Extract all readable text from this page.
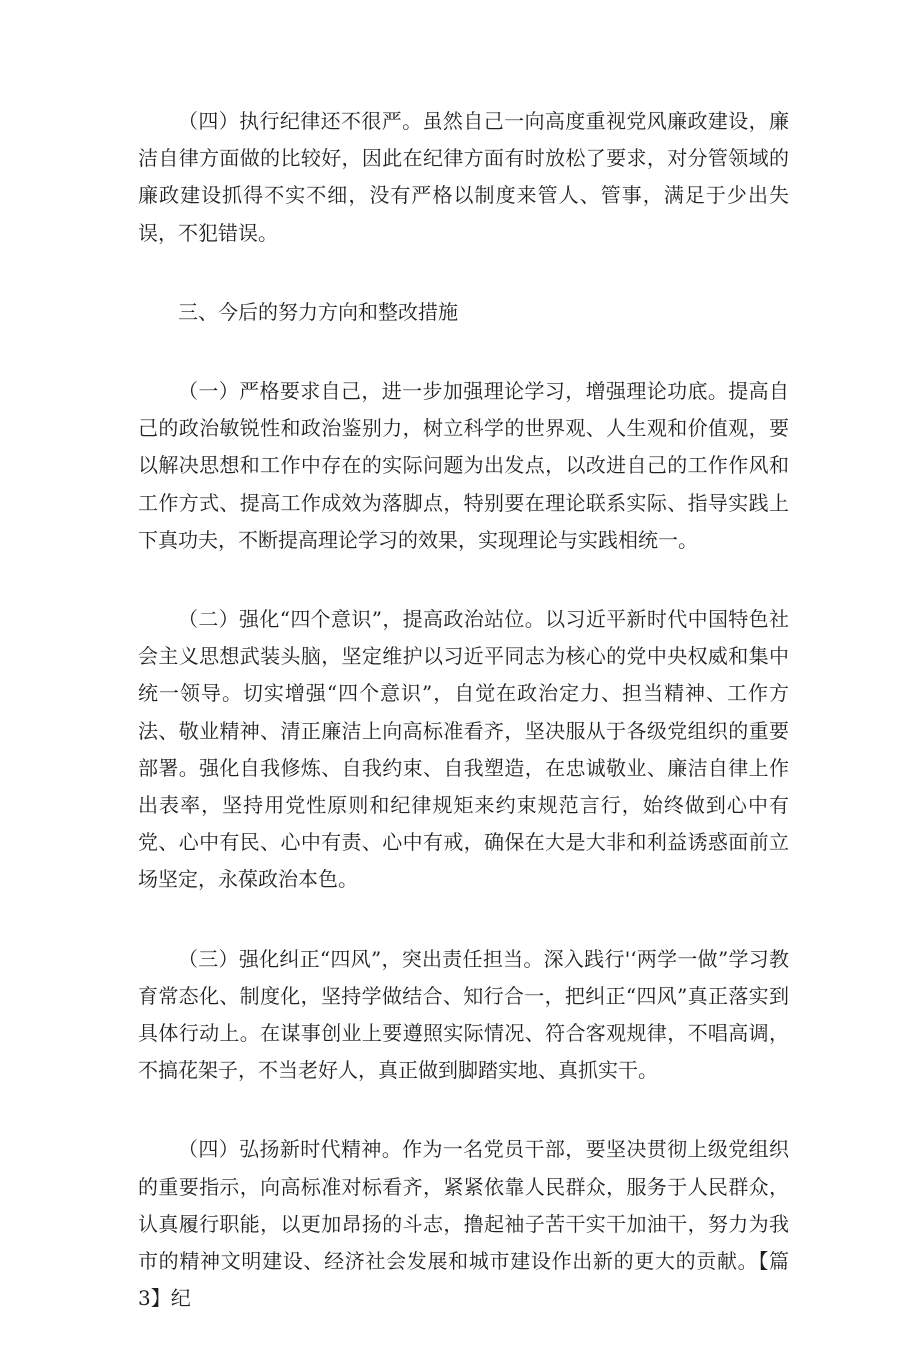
（四）执行纪律还不很严。虽然自己一向高度重视党风廉政建设，廉洁自律方面做的比较好，因此在纪律方面有时放松了要求，对分管领域的廉政建设抓得不实不细，没有严格以制度来管人、管事，满足于少出失误，不犯错误。

三、今后的努力方向和整改措施

（一）严格要求自己，进一步加强理论学习，增强理论功底。提高自己的政治敏锐性和政治鉴别力，树立科学的世界观、人生观和价值观，要以解决思想和工作中存在的实际问题为出发点，以改进自己的工作作风和工作方式、提高工作成效为落脚点，特别要在理论联系实际、指导实践上下真功夫，不断提高理论学习的效果，实现理论与实践相统一。

（二）强化“四个意识”，提高政治站位。以习近平新时代中国特色社会主义思想武装头脑，坚定维护以习近平同志为核心的党中央权威和集中统一领导。切实增强“四个意识”，自觉在政治定力、担当精神、工作方法、敬业精神、清正廉洁上向高标准看齐，坚决服从于各级党组织的重要部署。强化自我修炼、自我约束、自我塑造，在忠诚敬业、廉洁自律上作出表率，坚持用党性原则和纪律规矩来约束规范言行，始终做到心中有党、心中有民、心中有责、心中有戒，确保在大是大非和利益诱惑面前立场坚定，永葆政治本色。

（三）强化纠正“四风”，突出责任担当。深入践行'‘两学一做”学习教育常态化、制度化，坚持学做结合、知行合一，把纠正“四风”真正落实到具体行动上。在谋事创业上要遵照实际情况、符合客观规律，不唱高调，不搞花架子，不当老好人，真正做到脚踏实地、真抓实干。

（四）弘扬新时代精神。作为一名党员干部，要坚决贯彻上级党组织的重要指示，向高标准对标看齐，紧紧依靠人民群众，服务于人民群众，认真履行职能，以更加昂扬的斗志，撸起袖子苦干实干加油干，努力为我市的精神文明建设、经济社会发展和城市建设作出新的更大的贡献。【篇3】纪
